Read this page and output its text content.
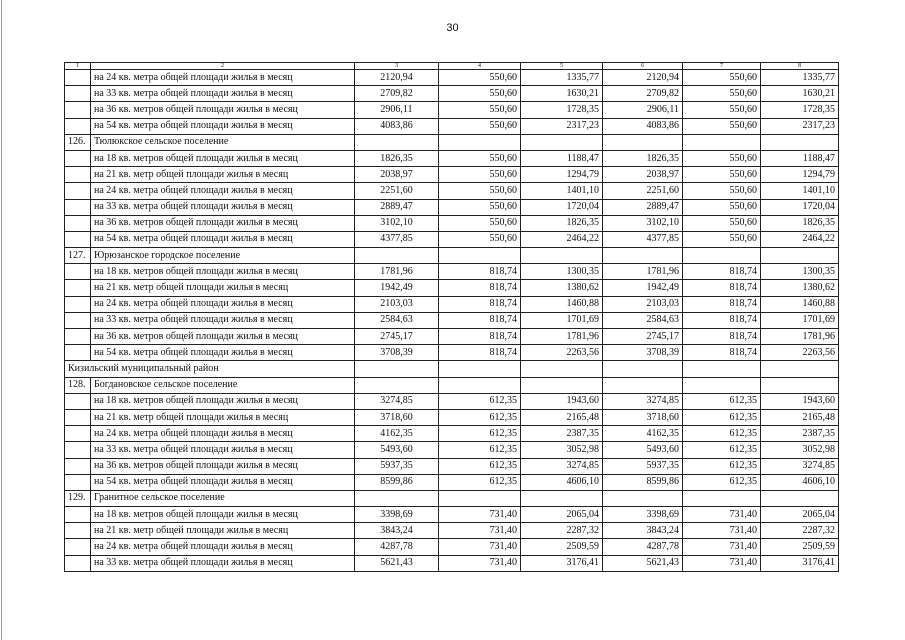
30
1	2	3	4	5	6	7	8
	на 24 кв. метра общей площади жилья в месяц	2120,94	550,60	1335,77	2120,94	550,60	1335,77
	на 33 кв. метра общей площади жилья в месяц	2709,82	550,60	1630,21	2709,82	550,60	1630,21
	на 36 кв. метров общей площади жилья в месяц	2906,11	550,60	1728,35	2906,11	550,60	1728,35
	на 54 кв. метра общей площади жилья в месяц	4083,86	550,60	2317,23	4083,86	550,60	2317,23
126.	Тюлюкское сельское поселение						
	на 18 кв. метров общей площади жилья в месяц	1826,35	550,60	1188,47	1826,35	550,60	1188,47
	на 21 кв. метр общей площади жилья в месяц	2038,97	550,60	1294,79	2038,97	550,60	1294,79
	на 24 кв. метра общей площади жилья в месяц	2251,60	550,60	1401,10	2251,60	550,60	1401,10
	на 33 кв. метра общей площади жилья в месяц	2889,47	550,60	1720,04	2889,47	550,60	1720,04
	на 36 кв. метров общей площади жилья в месяц	3102,10	550,60	1826,35	3102,10	550,60	1826,35
	на 54 кв. метра общей площади жилья в месяц	4377,85	550,60	2464,22	4377,85	550,60	2464,22
127.	Юрюзанское городское поселение						
	на 18 кв. метров общей площади жилья в месяц	1781,96	818,74	1300,35	1781,96	818,74	1300,35
	на 21 кв. метр общей площади жилья в месяц	1942,49	818,74	1380,62	1942,49	818,74	1380,62
	на 24 кв. метра общей площади жилья в месяц	2103,03	818,74	1460,88	2103,03	818,74	1460,88
	на 33 кв. метра общей площади жилья в месяц	2584,63	818,74	1701,69	2584,63	818,74	1701,69
	на 36 кв. метров общей площади жилья в месяц	2745,17	818,74	1781,96	2745,17	818,74	1781,96
	на 54 кв. метра общей площади жилья в месяц	3708,39	818,74	2263,56	3708,39	818,74	2263,56
Кизильский муниципальный район							
128.	Богдановское сельское поселение						
	на 18 кв. метров общей площади жилья в месяц	3274,85	612,35	1943,60	3274,85	612,35	1943,60
	на 21 кв. метр общей площади жилья в месяц	3718,60	612,35	2165,48	3718,60	612,35	2165,48
	на 24 кв. метра общей площади жилья в месяц	4162,35	612,35	2387,35	4162,35	612,35	2387,35
	на 33 кв. метра общей площади жилья в месяц	5493,60	612,35	3052,98	5493,60	612,35	3052,98
	на 36 кв. метров общей площади жилья в месяц	5937,35	612,35	3274,85	5937,35	612,35	3274,85
	на 54 кв. метра общей площади жилья в месяц	8599,86	612,35	4606,10	8599,86	612,35	4606,10
129.	Гранитное сельское поселение						
	на 18 кв. метров общей площади жилья в месяц	3398,69	731,40	2065,04	3398,69	731,40	2065,04
	на 21 кв. метр общей площади жилья в месяц	3843,24	731,40	2287,32	3843,24	731,40	2287,32
	на 24 кв. метра общей площади жилья в месяц	4287,78	731,40	2509,59	4287,78	731,40	2509,59
	на 33 кв. метра общей площади жилья в месяц	5621,43	731,40	3176,41	5621,43	731,40	3176,41
